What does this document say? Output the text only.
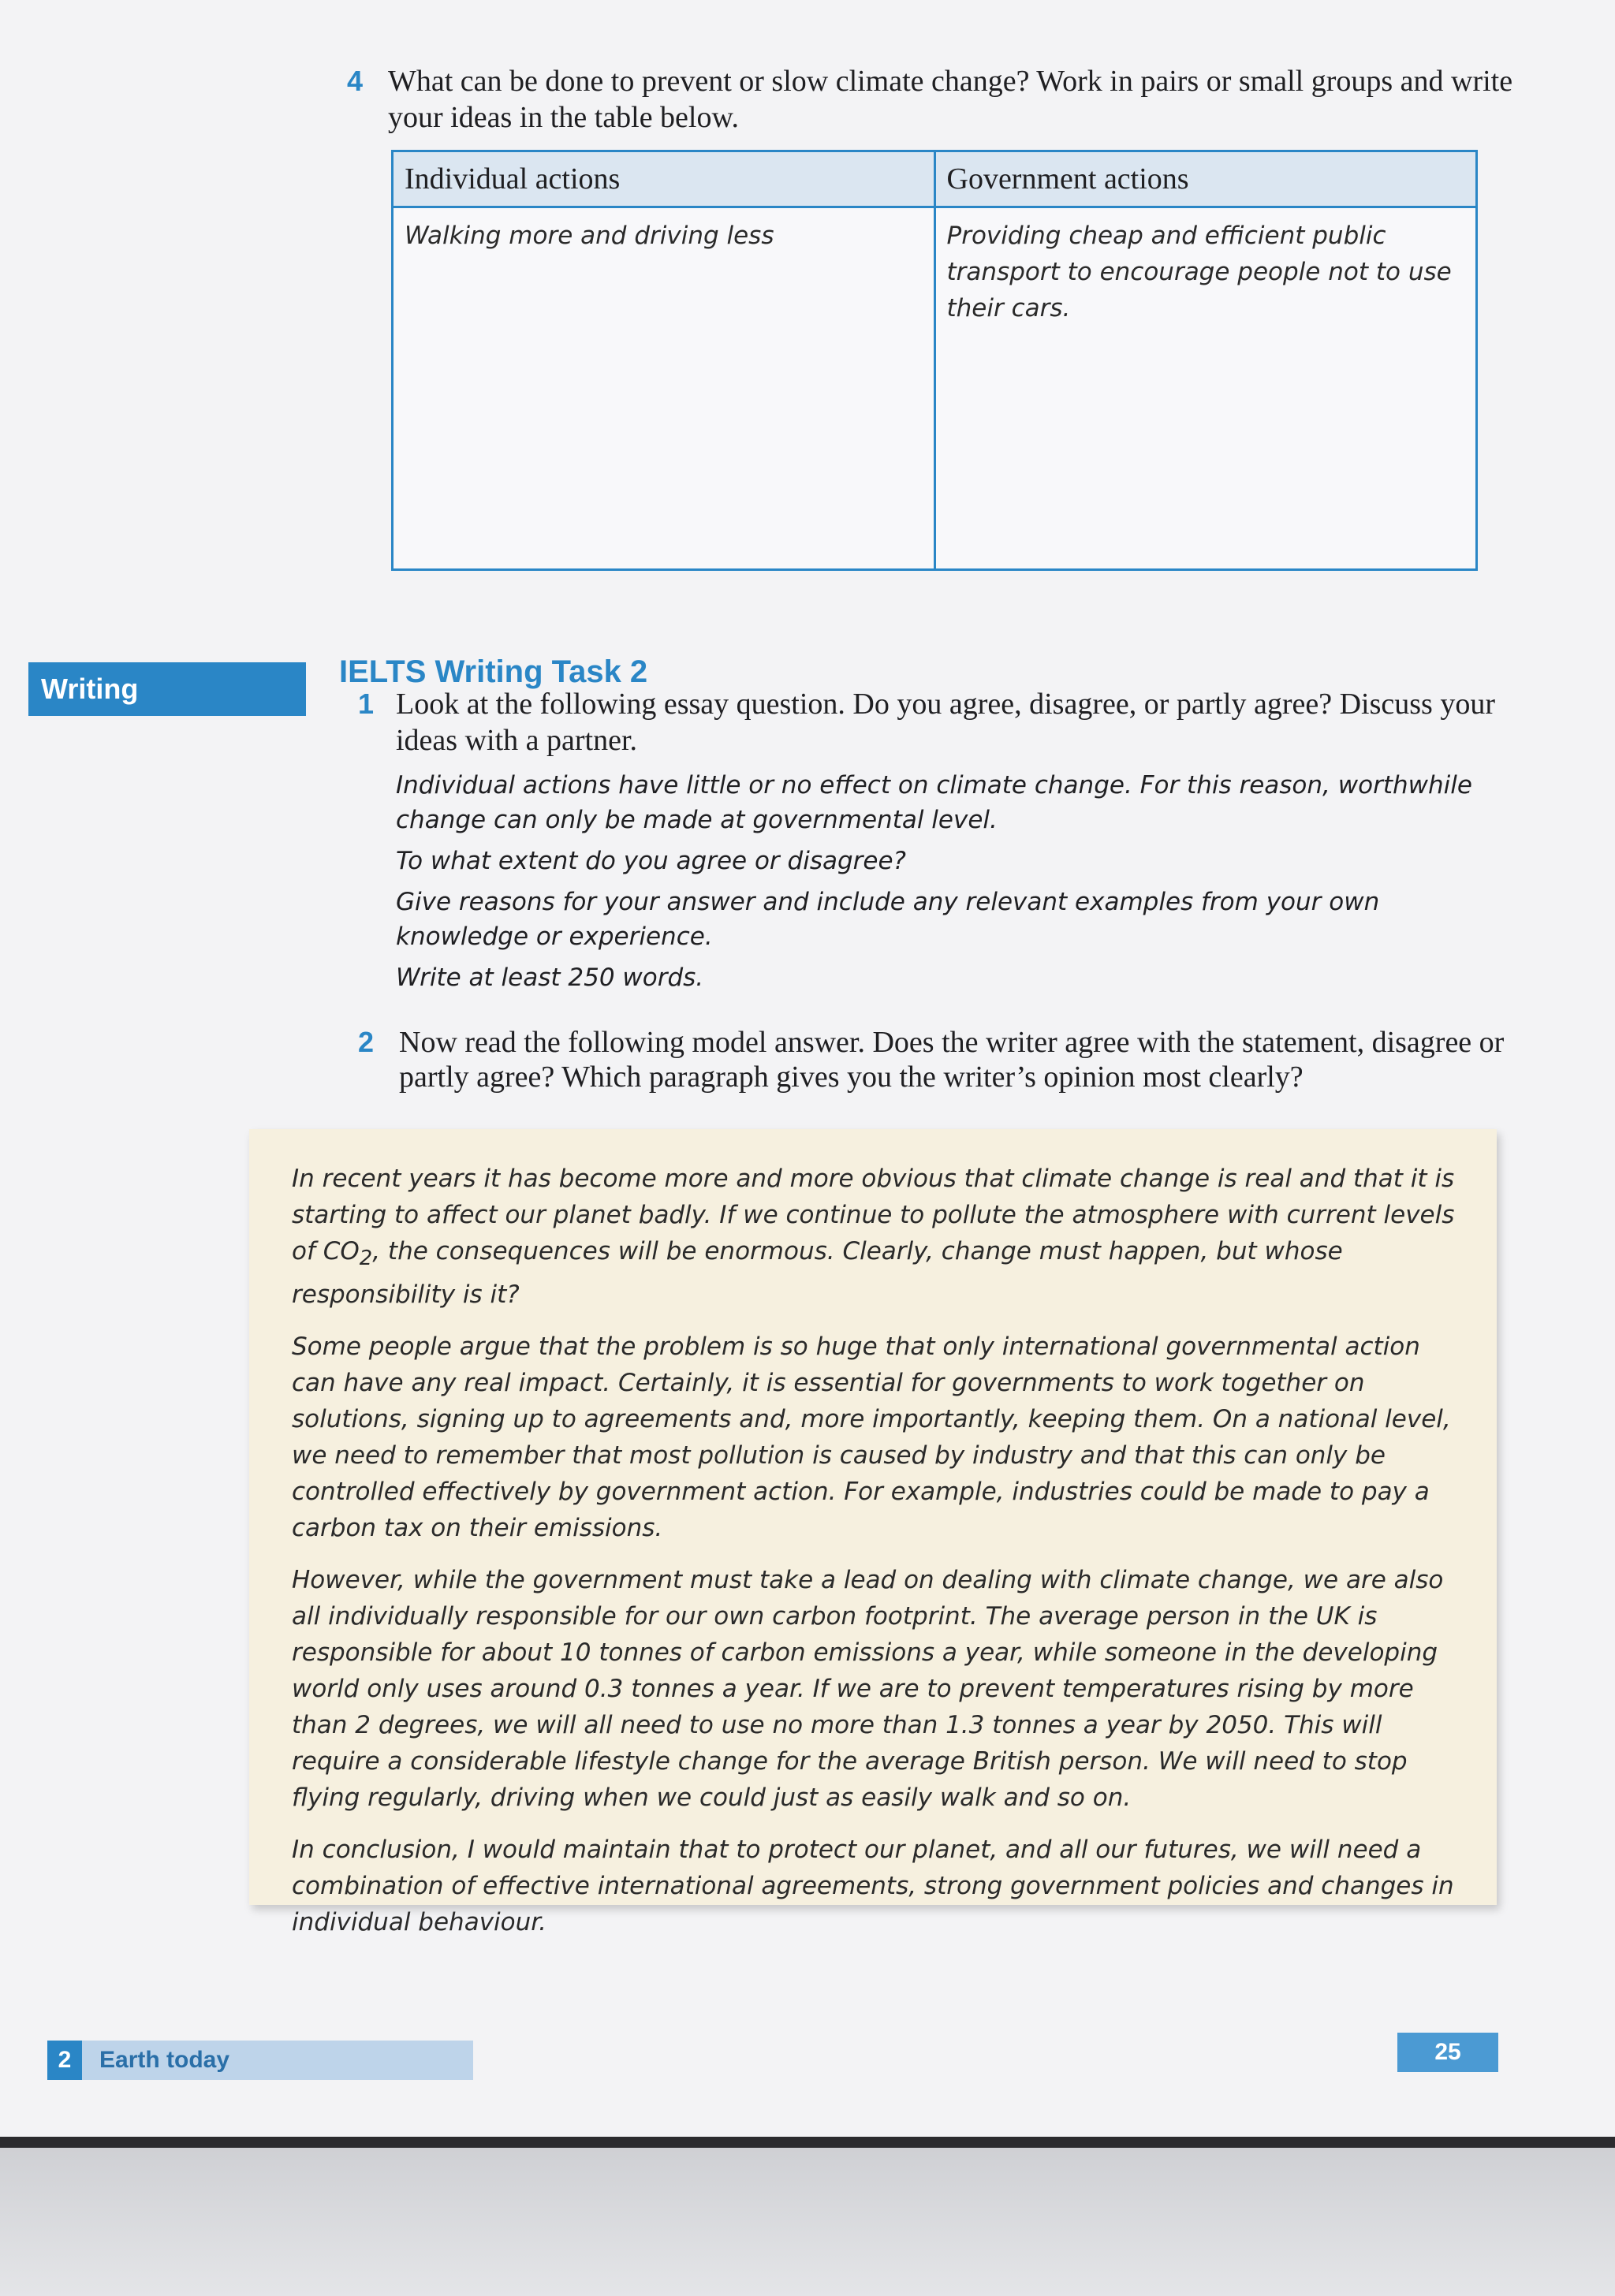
4 What can be done to prevent or slow climate change? Work in pairs or small groups and write your ideas in the table below.
Individual actions	Government actions
Walking more and driving less	Providing cheap and efficient public transport to encourage people not to use their cars.
Writing	IELTS Writing Task 2
1 Look at the following essay question. Do you agree, disagree, or partly agree? Discuss your ideas with a partner.

Individual actions have little or no effect on climate change. For this reason, worthwhile change can only be made at governmental level.

To what extent do you agree or disagree?

Give reasons for your answer and include any relevant examples from your own knowledge or experience.

Write at least 250 words.

2 Now read the following model answer. Does the writer agree with the statement, disagree or partly agree? Which paragraph gives you the writer’s opinion most clearly?

In recent years it has become more and more obvious that climate change is real and that it is starting to affect our planet badly. If we continue to pollute the atmosphere with current levels of $CO_2$, the consequences will be enormous. Clearly, change must happen, but whose responsibility is it?

Some people argue that the problem is so huge that only international governmental action can have any real impact. Certainly, it is essential for governments to work together on solutions, signing up to agreements and, more importantly, keeping them. On a national level, we need to remember that most pollution is caused by industry and that this can only be controlled effectively by government action. For example, industries could be made to pay a carbon tax on their emissions.

However, while the government must take a lead on dealing with climate change, we are also all individually responsible for our own carbon footprint. The average person in the UK is responsible for about 10 tonnes of carbon emissions a year, while someone in the developing world only uses around 0.3 tonnes a year. If we are to prevent temperatures rising by more than 2 degrees, we will all need to use no more than 1.3 tonnes a year by 2050. This will require a considerable lifestyle change for the average British person. We will need to stop flying regularly, driving when we could just as easily walk and so on.

In conclusion, I would maintain that to protect our planet, and all our futures, we will need a combination of effective international agreements, strong government policies and changes in individual behaviour.

2	Earth today	25
